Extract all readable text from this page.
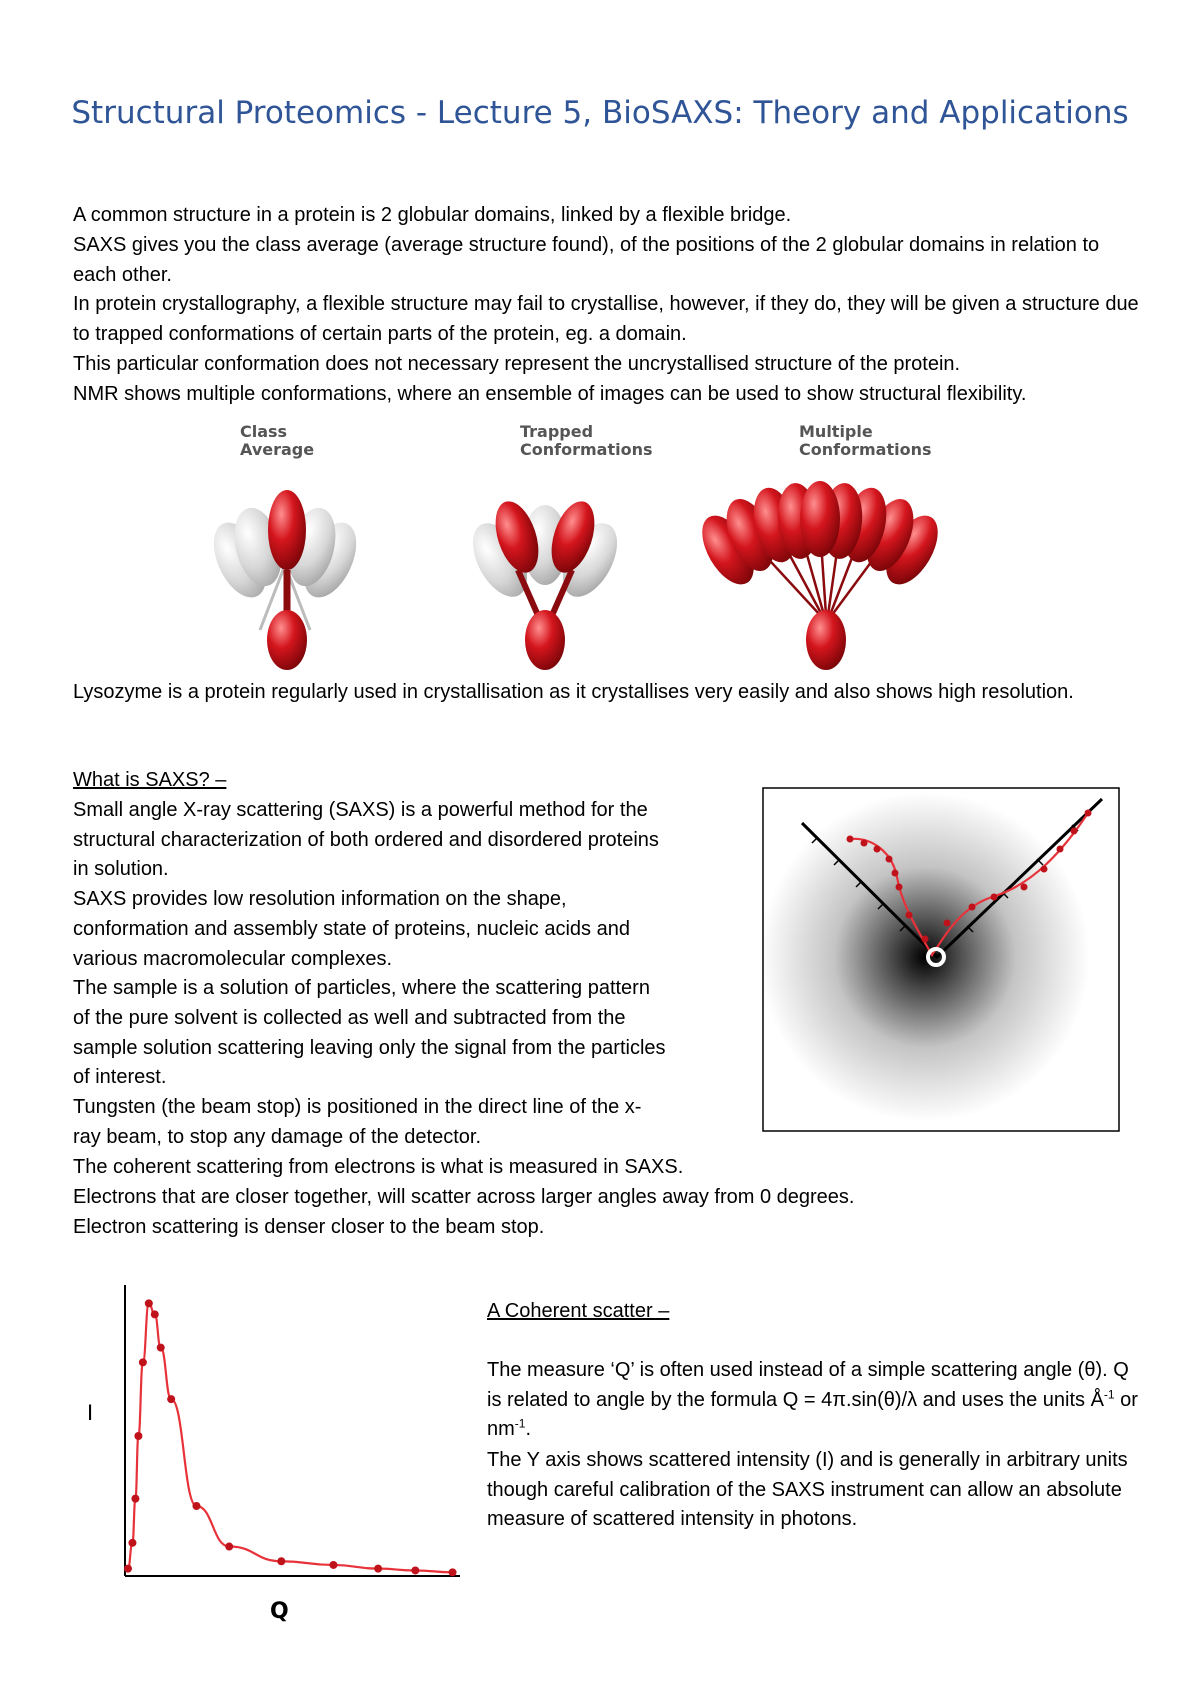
Structural Proteomics - Lecture 5, BioSAXS: Theory and Applications

A common structure in a protein is 2 globular domains, linked by a flexible bridge.

SAXS gives you the class average (average structure found), of the positions of the 2 globular domains in relation to each other.

In protein crystallography, a flexible structure may fail to crystallise, however, if they do, they will be given a structure due to trapped conformations of certain parts of the protein, eg. a domain.

This particular conformation does not necessary represent the uncrystallised structure of the protein.

NMR shows multiple conformations, where an ensemble of images can be used to show structural flexibility.

Class
Average
Trapped
Conformations
Multiple
Conformations

Lysozyme is a protein regularly used in crystallisation as it crystallises very easily and also shows high resolution.

What is SAXS? –

Small angle X-ray scattering (SAXS) is a powerful method for the
structural characterization of both ordered and disordered proteins
in solution.
SAXS provides low resolution information on the shape,
conformation and assembly state of proteins, nucleic acids and
various macromolecular complexes.
The sample is a solution of particles, where the scattering pattern
of the pure solvent is collected as well and subtracted from the
sample solution scattering leaving only the signal from the particles
of interest.
Tungsten (the beam stop) is positioned in the direct line of the x-
ray beam, to stop any damage of the detector.

The coherent scattering from electrons is what is measured in SAXS.

Electrons that are closer together, will scatter across larger angles away from 0 degrees.

Electron scattering is denser closer to the beam stop.

I
Q

A Coherent scatter –

The measure ‘Q’ is often used instead of a simple scattering angle (θ). Q is related to angle by the formula Q = 4π.sin(θ)/λ and uses the units $Å^{-1}$ or $nm^{-1}$.

The Y axis shows scattered intensity (I) and is generally in arbitrary units though careful calibration of the SAXS instrument can allow an absolute measure of scattered intensity in photons.
